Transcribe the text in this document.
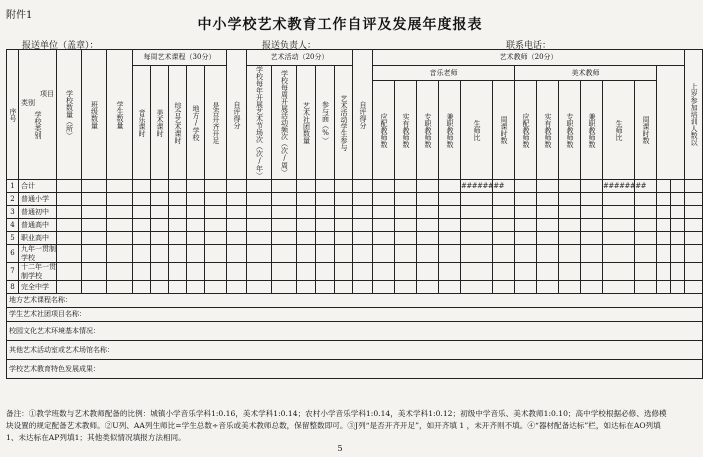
附件1
中小学校艺术教育工作自评及发展年度报表
报送单位（盖章）：	报送负责人：	联系电话：
序号	项目
类别
学校类别	学校数量（所）	班级数量	学生数量	每周艺术课程（30分）					自评得分	艺术活动（20分）					自评得分	艺术教师（20分）														上岁参加培训人数以

					音乐课时	美术课时	综合艺术课时	地方/学校	是否开齐开足		学校每年开展艺术节场次（次/年）	学校每周开展活动频次（次/周）	艺术社团数量	参与面（%）	艺术活动学生参与		音乐老师						美术教师									

																	应配教师数	实有教师数	专职教师数	兼职教师数	生师比	周课时数	应配教师数	实有教师数	专职教师数	兼职教师数	生师比	周课时数				

1	合计																				########						########					
2	普通小学																															
3	普通初中																															
4	普通高中																															
5	职业高中																															
6	九年一贯制学校																															
7	十二年一贯制学校																															
8	完全中学																															
地方艺术课程名称：																																
学生艺术社团项目名称：																																
校园文化艺术环境基本情况：																																
其他艺术活动室或艺术场馆名称：																																
学校艺术教育特色发展成果：																																
备注：①教学班数与艺术教师配备的比例：城镇小学音乐学科1:0.16，美术学科1:0.14；农村小学音乐学科1:0.14，美术学科1:0.12；初级中学音乐、美术教师1:0.10；高中学校根据必修、选修模块设置的规定配备艺术教师。②U列、AA列生师比=学生总数÷音乐或美术教师总数，保留整数即可。③J列“是否开齐开足”，如开齐填 1 ，未开齐则不填。④“器材配备达标”栏，如达标在AO列填1、未达标在AP列填1；其他类似情况填报方法相同。
5
